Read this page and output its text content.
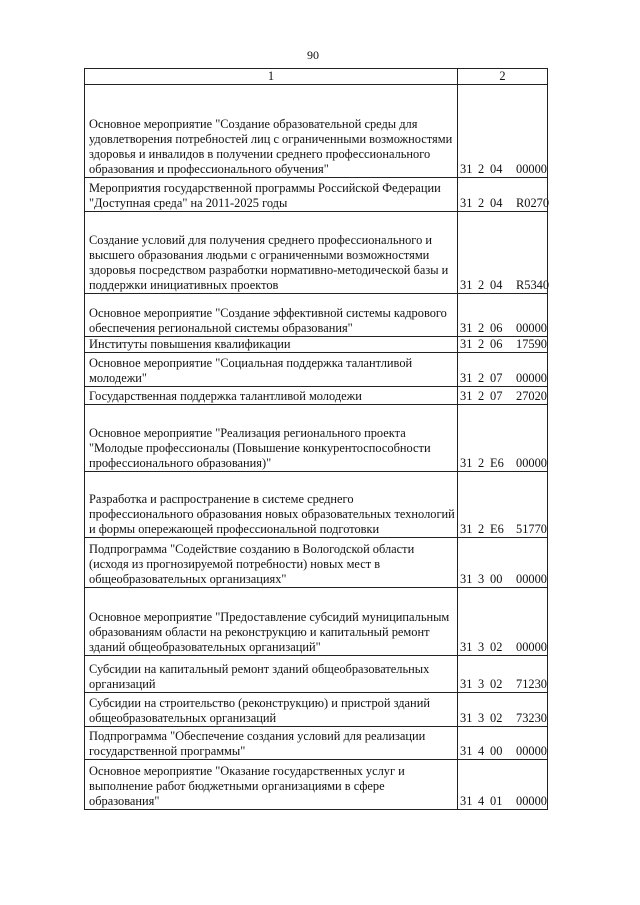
90
1	2
Основное мероприятие "Создание образовательной среды для удовлетворения потребностей лиц с ограниченными возможностями здоровья и инвалидов в получении среднего профессионального образования и профессионального обучения"	31 2 04 00000
Мероприятия государственной программы Российской Федерации "Доступная среда" на 2011-2025 годы	31 2 04 R0270
Создание условий для получения среднего профессионального и высшего образования людьми с ограниченными возможностями здоровья посредством разработки нормативно-методической базы и поддержки инициативных проектов	31 2 04 R5340
Основное мероприятие "Создание эффективной системы кадрового обеспечения региональной системы образования"	31 2 06 00000
Институты повышения квалификации	31 2 06 17590
Основное мероприятие "Социальная поддержка талантливой молодежи"	31 2 07 00000
Государственная поддержка талантливой молодежи	31 2 07 27020
Основное мероприятие "Реализация регионального проекта "Молодые профессионалы (Повышение конкурентоспособности профессионального образования)"	31 2 Е6 00000
Разработка и распространение в системе среднего профессионального образования новых образовательных технологий и формы опережающей профессиональной подготовки	31 2 Е6 51770
Подпрограмма "Содействие созданию в Вологодской области (исходя из прогнозируемой потребности) новых мест в общеобразовательных организациях"	31 3 00 00000
Основное мероприятие "Предоставление субсидий муниципальным образованиям области на реконструкцию и капитальный ремонт зданий общеобразовательных организаций"	31 3 02 00000
Субсидии на капитальный ремонт зданий общеобразовательных организаций	31 3 02 71230
Субсидии на строительство (реконструкцию) и пристрой зданий общеобразовательных организаций	31 3 02 73230
Подпрограмма "Обеспечение создания условий для реализации государственной программы"	31 4 00 00000
Основное мероприятие "Оказание государственных услуг и выполнение работ бюджетными организациями в сфере образования"	31 4 01 00000
